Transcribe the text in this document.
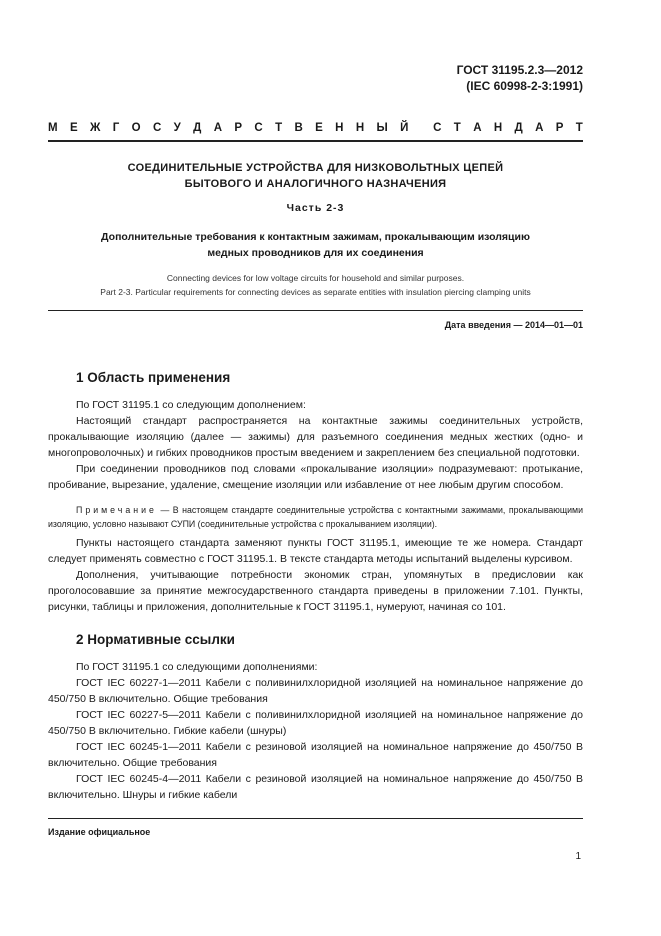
ГОСТ 31195.2.3—2012
(IEC 60998-2-3:1991)
М Е Ж Г О С У Д А Р С Т В Е Н Н Ы Й С Т А Н Д А Р Т
СОЕДИНИТЕЛЬНЫЕ УСТРОЙСТВА ДЛЯ НИЗКОВОЛЬТНЫХ ЦЕПЕЙ
БЫТОВОГО И АНАЛОГИЧНОГО НАЗНАЧЕНИЯ
Часть 2-3
Дополнительные требования к контактным зажимам, прокалывающим изоляцию
медных проводников для их соединения
Connecting devices for low voltage circuits for household and similar purposes.
Part 2-3. Particular requirements for connecting devices as separate entities with insulation piercing clamping units
Дата введения — 2014—01—01
1 Область применения
По ГОСТ 31195.1 со следующим дополнением:
Настоящий стандарт распространяется на контактные зажимы соединительных устройств, прокалывающие изоляцию (далее — зажимы) для разъемного соединения медных жестких (одно- и многопроволочных) и гибких проводников простым введением и закреплением без специальной подготовки.
При соединении проводников под словами «прокалывание изоляции» подразумевают: протыкание, пробивание, вырезание, удаление, смещение изоляции или избавление от нее любым другим способом.
Примечание — В настоящем стандарте соединительные устройства с контактными зажимами, прокалывающими изоляцию, условно называют СУПИ (соединительные устройства с прокалыванием изоляции).
Пункты настоящего стандарта заменяют пункты ГОСТ 31195.1, имеющие те же номера. Стандарт следует применять совместно с ГОСТ 31195.1. В тексте стандарта методы испытаний выделены курсивом.
Дополнения, учитывающие потребности экономик стран, упомянутых в предисловии как проголосовавшие за принятие межгосударственного стандарта приведены в приложении 7.101. Пункты, рисунки, таблицы и приложения, дополнительные к ГОСТ 31195.1, нумеруют, начиная со 101.
2 Нормативные ссылки
По ГОСТ 31195.1 со следующими дополнениями:
ГОСТ IEC 60227-1—2011 Кабели с поливинилхлоридной изоляцией на номинальное напряжение до 450/750 В включительно. Общие требования
ГОСТ IEC 60227-5—2011 Кабели с поливинилхлоридной изоляцией на номинальное напряжение до 450/750 В включительно. Гибкие кабели (шнуры)
ГОСТ IEC 60245-1—2011 Кабели с резиновой изоляцией на номинальное напряжение до 450/750 В включительно. Общие требования
ГОСТ IEC 60245-4—2011 Кабели с резиновой изоляцией на номинальное напряжение до 450/750 В включительно. Шнуры и гибкие кабели
Издание официальное
1
